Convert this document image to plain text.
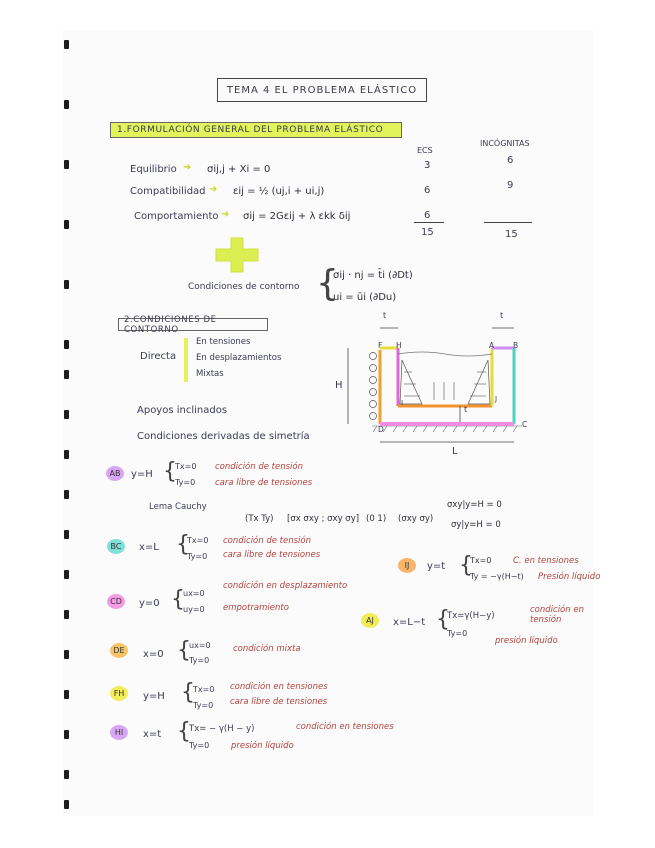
TEMA 4 EL PROBLEMA ELÁSTICO
1.FORMULACIÓN GENERAL DEL PROBLEMA ELÁSTICO
ECS
INCÓGNITAS
Equilibrio ➜ σij,j + Xi = 0	3	6
Compatibilidad ➜ εij = ½ (uj,i + ui,j)	6	9
Comportamiento ➜ σij = 2Gεij + λ εkk δij	6
15	15
Condiciones de contorno {
σij · nj = t̄i (∂Dt)
ui = ūi (∂Du)
2.CONDICIONES DE CONTORNO
Directa
En tensiones
En desplazamientos
Mixtas
Apoyos inclinados
Condiciones derivadas de simetría
t	t
F H	A	B
D
C
I	J
t
H
L
AB	y=H {
Tx=0
Ty=0
condición de tensión
cara libre de tensiones
Lema Cauchy
(Tx Ty) [σx σxy ; σxy σy] (0 1) (σxy σy)
σxy|y=H = 0
σy|y=H = 0
BC	x=L {
Tx=0
Ty=0
condición de tensión
cara libre de tensiones
CD	y=0 {
ux=0
uy=0
condición en desplazamiento
empotramiento
DE	x=0 {
ux=0
Ty=0
condición mixta
FH	y=H {
Tx=0
Ty=0
condición en tensiones
cara libre de tensiones
HI	x=t {
Tx= − γ(H − y)
Ty=0
condición en tensiones
presión líquido
IJ	y=t {
Tx=0
Ty = −γ(H−t)
C. en tensiones
Presión líquido
AJ	x=L−t {
Tx=γ(H−y)
Ty=0
condición en tensión
presión líquido
